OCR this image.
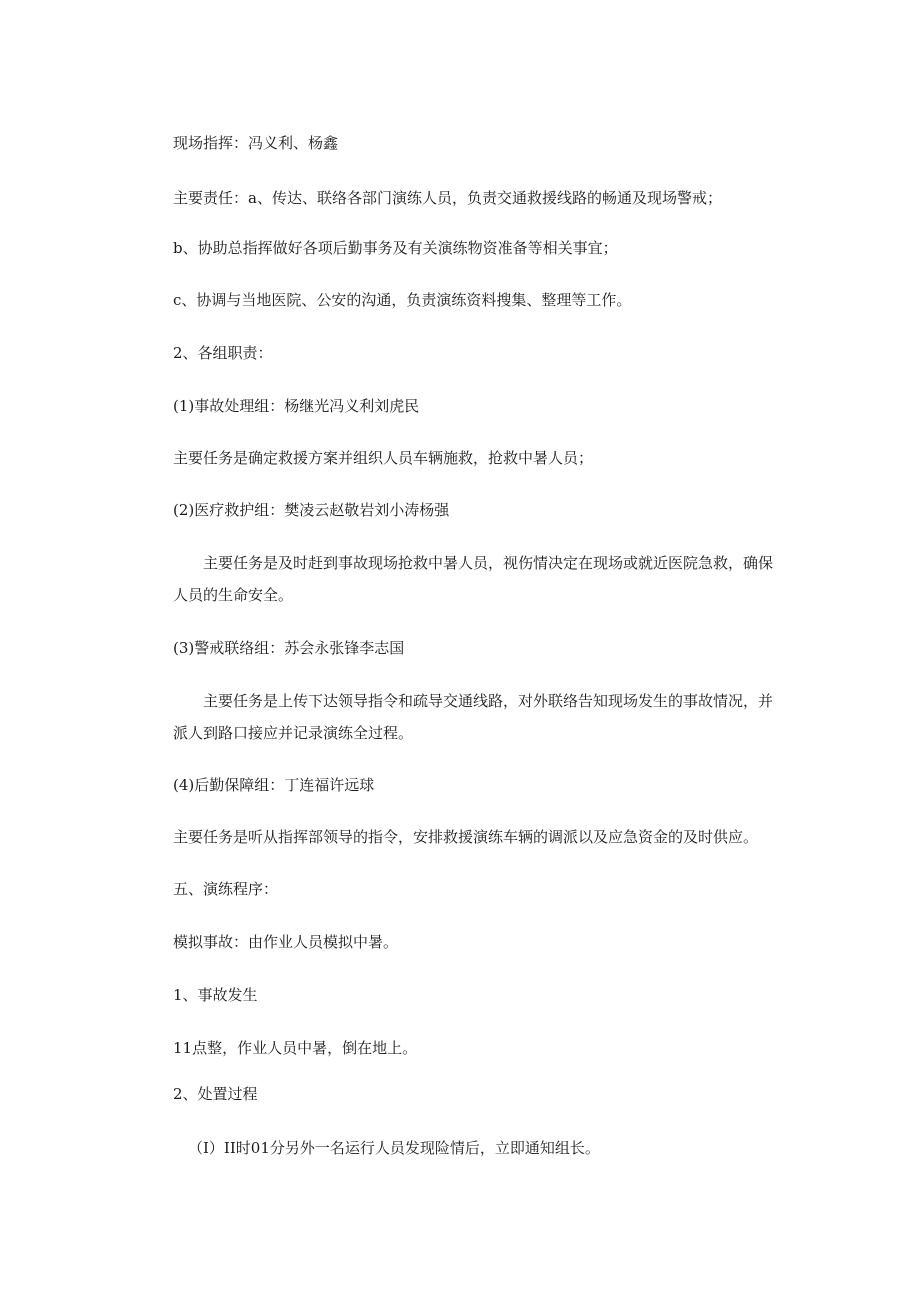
现场指挥：冯义利、杨鑫

主要责任：a、传达、联络各部门演练人员，负责交通救援线路的畅通及现场警戒；

b、协助总指挥做好各项后勤事务及有关演练物资准备等相关事宜；

c、协调与当地医院、公安的沟通，负责演练资料搜集、整理等工作。

2、各组职责：

(1)事故处理组：杨继光冯义利刘虎民

主要任务是确定救援方案并组织人员车辆施救，抢救中暑人员；

(2)医疗救护组：樊凌云赵敬岩刘小涛杨强

主要任务是及时赶到事故现场抢救中暑人员，视伤情决定在现场或就近医院急救，确保人员的生命安全。

(3)警戒联络组：苏会永张锋李志国

主要任务是上传下达领导指令和疏导交通线路，对外联络告知现场发生的事故情况，并派人到路口接应并记录演练全过程。

(4)后勤保障组：丁连福许远球

主要任务是听从指挥部领导的指令，安排救援演练车辆的调派以及应急资金的及时供应。

五、演练程序：

模拟事故：由作业人员模拟中暑。

1、事故发生

11点整，作业人员中暑，倒在地上。

2、处置过程

（I）II时01分另外一名运行人员发现险情后，立即通知组长。
